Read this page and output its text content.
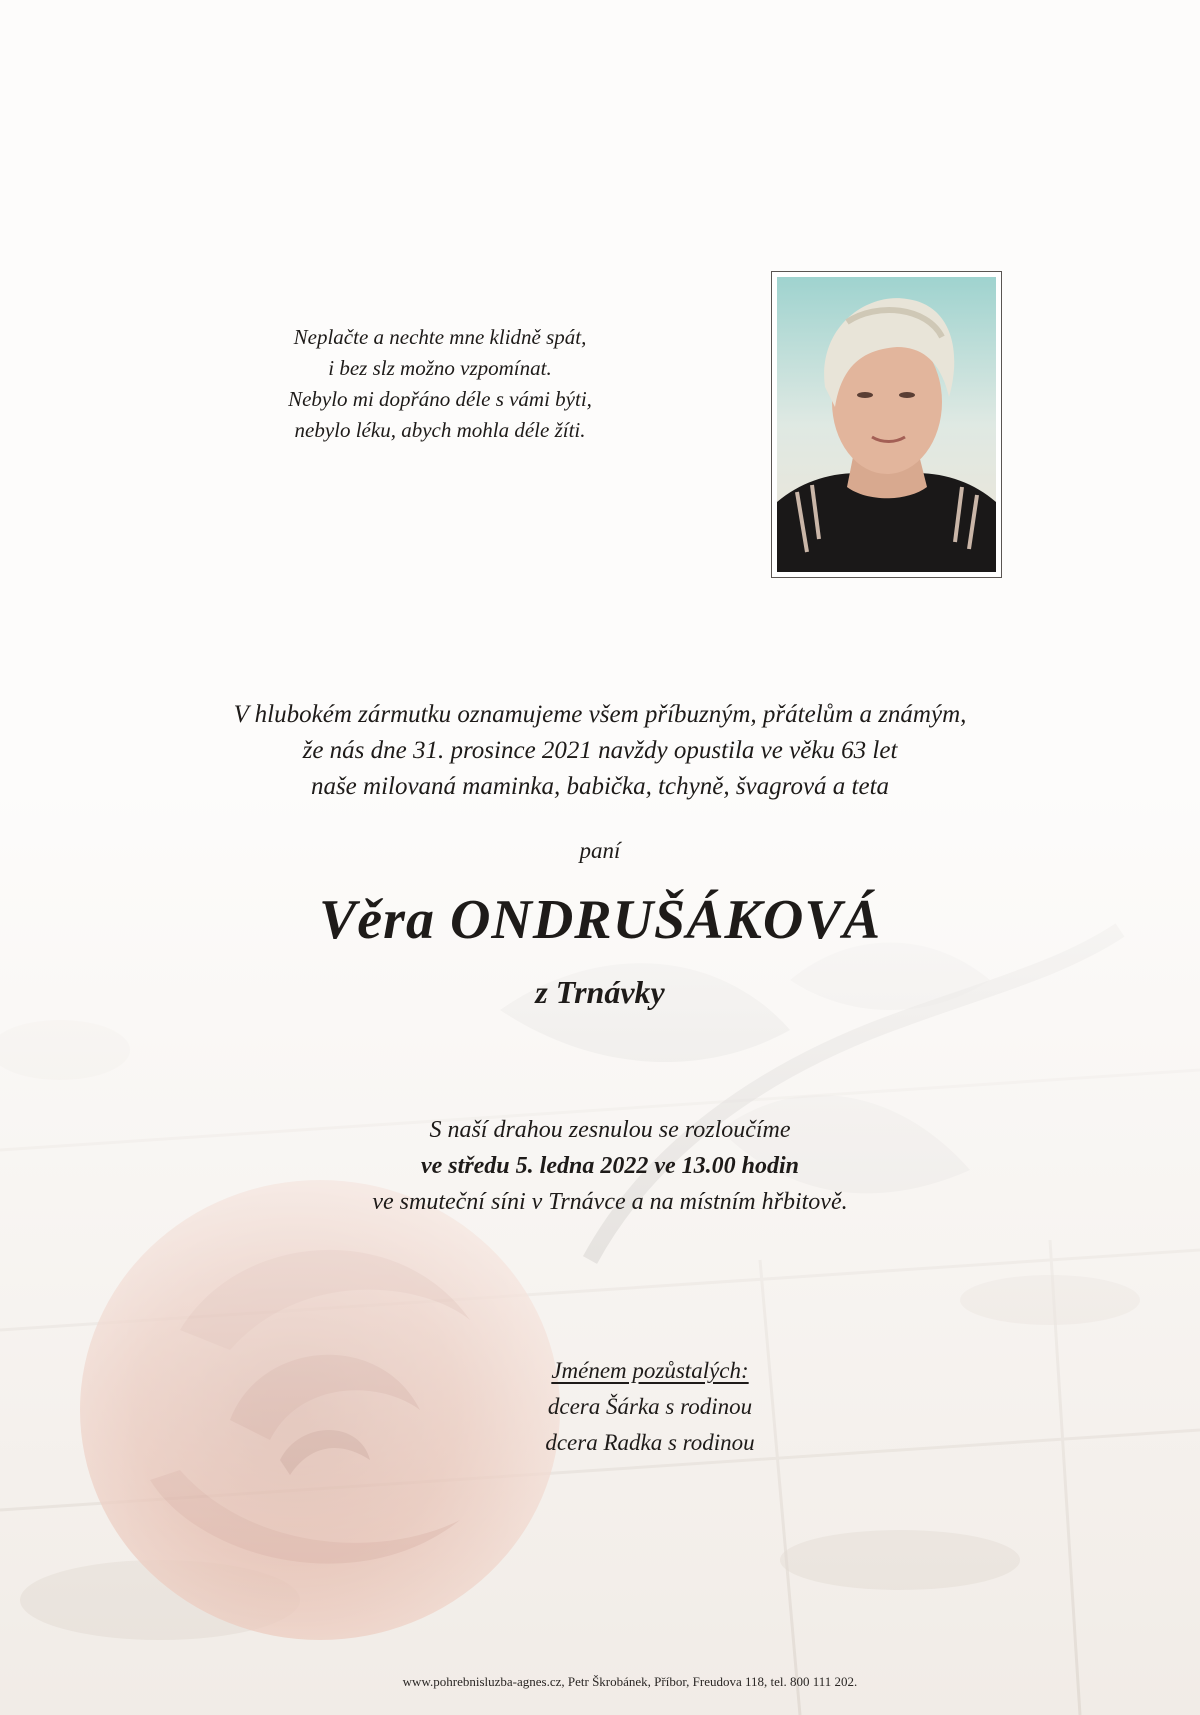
Neplačte a nechte mne klidně spát,
i bez slz možno vzpomínat.
Nebylo mi dopřáno déle s vámi býti,
nebylo léku, abych mohla déle žíti.
V hlubokém zármutku oznamujeme všem příbuzným, přátelům a známým,
že nás dne 31. prosince 2021 navždy opustila ve věku 63 let
naše milovaná maminka, babička, tchyně, švagrová a teta
paní
Věra ONDRUŠÁKOVÁ
z Trnávky
S naší drahou zesnulou se rozloučíme
ve středu 5. ledna 2022 ve 13.00 hodin
ve smuteční síni v Trnávce a na místním hřbitově.
Jménem pozůstalých:
dcera Šárka s rodinou
dcera Radka s rodinou
www.pohrebnisluzba-agnes.cz, Petr Škrobánek, Příbor, Freudova 118, tel. 800 111 202.
